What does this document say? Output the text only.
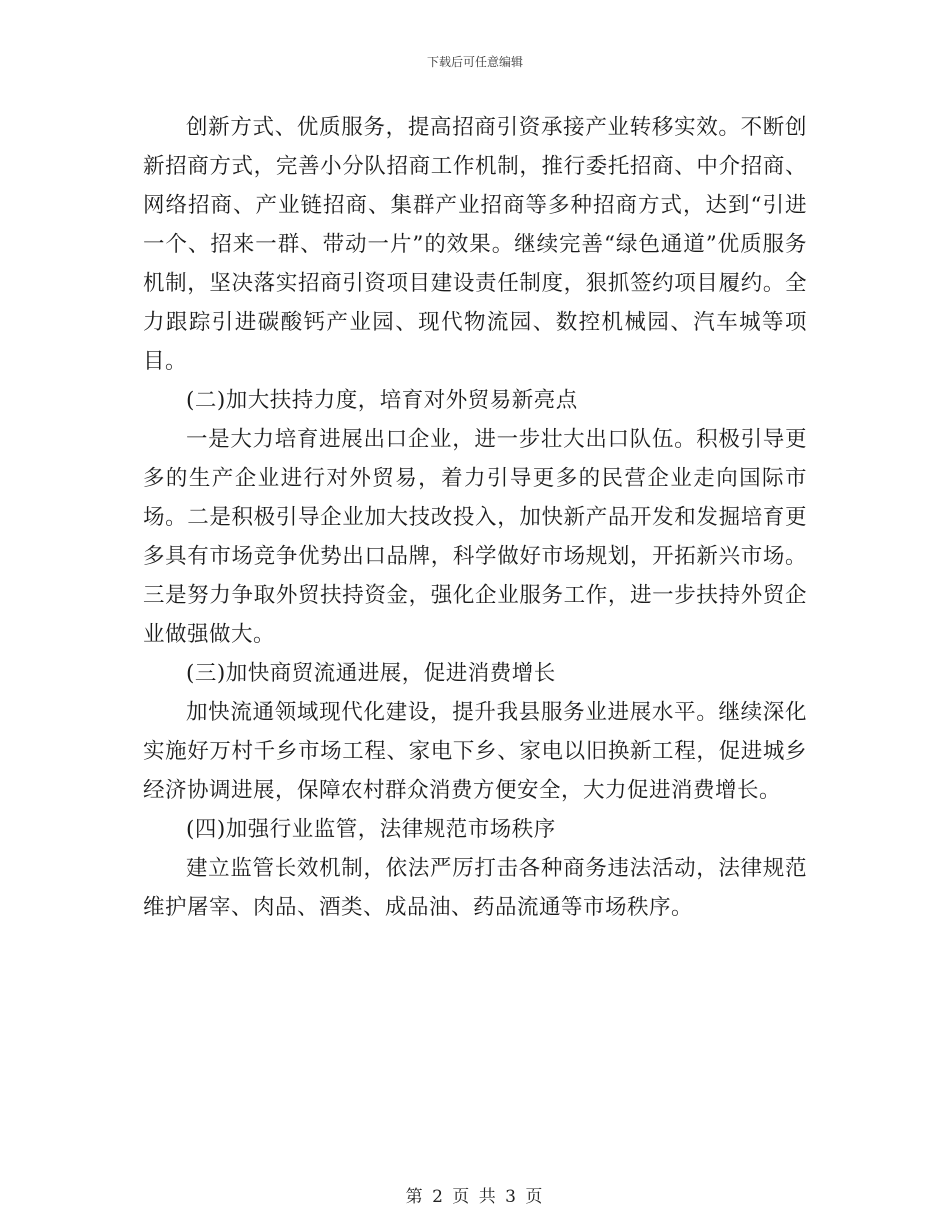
下载后可任意编辑

创新方式、优质服务，提高招商引资承接产业转移实效。不断创新招商方式，完善小分队招商工作机制，推行委托招商、中介招商、网络招商、产业链招商、集群产业招商等多种招商方式，达到“引进一个、招来一群、带动一片”的效果。继续完善“绿色通道”优质服务机制，坚决落实招商引资项目建设责任制度，狠抓签约项目履约。全力跟踪引进碳酸钙产业园、现代物流园、数控机械园、汽车城等项目。

(二)加大扶持力度，培育对外贸易新亮点

一是大力培育进展出口企业，进一步壮大出口队伍。积极引导更多的生产企业进行对外贸易，着力引导更多的民营企业走向国际市场。二是积极引导企业加大技改投入，加快新产品开发和发掘培育更多具有市场竞争优势出口品牌，科学做好市场规划，开拓新兴市场。三是努力争取外贸扶持资金，强化企业服务工作，进一步扶持外贸企业做强做大。

(三)加快商贸流通进展，促进消费增长

加快流通领域现代化建设，提升我县服务业进展水平。继续深化实施好万村千乡市场工程、家电下乡、家电以旧换新工程，促进城乡经济协调进展，保障农村群众消费方便安全，大力促进消费增长。

(四)加强行业监管，法律规范市场秩序

建立监管长效机制，依法严厉打击各种商务违法活动，法律规范维护屠宰、肉品、酒类、成品油、药品流通等市场秩序。

第 2 页 共 3 页
